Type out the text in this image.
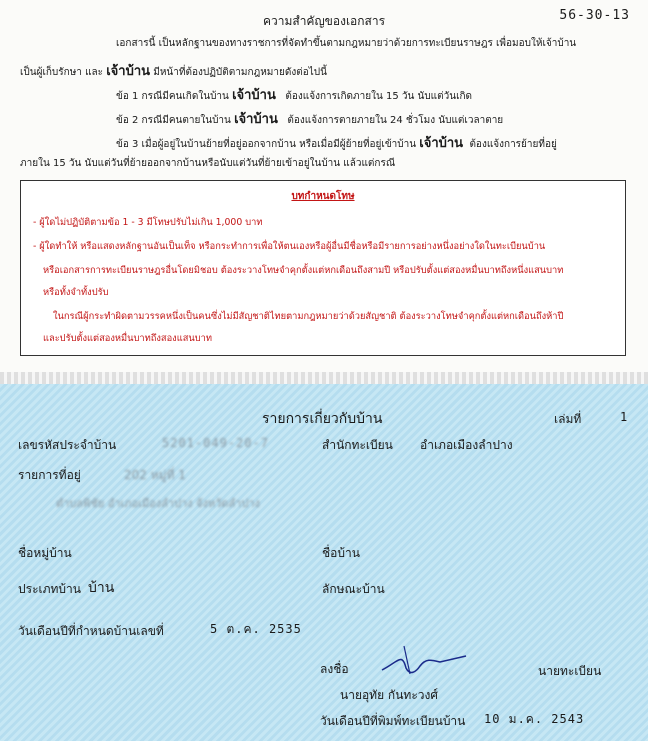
56-30-13
ความสำคัญของเอกสาร
เอกสารนี้ เป็นหลักฐานของทางราชการที่จัดทำขึ้นตามกฎหมายว่าด้วยการทะเบียนราษฎร เพื่อมอบให้เจ้าบ้าน
เป็นผู้เก็บรักษา และ เจ้าบ้าน มีหน้าที่ต้องปฏิบัติตามกฎหมายดังต่อไปนี้
ข้อ 1 กรณีมีคนเกิดในบ้าน เจ้าบ้าน ต้องแจ้งการเกิดภายใน 15 วัน นับแต่วันเกิด
ข้อ 2 กรณีมีคนตายในบ้าน เจ้าบ้าน ต้องแจ้งการตายภายใน 24 ชั่วโมง นับแต่เวลาตาย
ข้อ 3 เมื่อผู้อยู่ในบ้านย้ายที่อยู่ออกจากบ้าน หรือเมื่อมีผู้ย้ายที่อยู่เข้าบ้าน เจ้าบ้าน ต้องแจ้งการย้ายที่อยู่
ภายใน 15 วัน นับแต่วันที่ย้ายออกจากบ้านหรือนับแต่วันที่ย้ายเข้าอยู่ในบ้าน แล้วแต่กรณี
บทกำหนดโทษ
- ผู้ใดไม่ปฏิบัติตามข้อ 1 - 3 มีโทษปรับไม่เกิน 1,000 บาท
- ผู้ใดทำให้ หรือแสดงหลักฐานอันเป็นเท็จ หรือกระทำการเพื่อให้ตนเองหรือผู้อื่นมีชื่อหรือมีรายการอย่างหนึ่งอย่างใดในทะเบียนบ้าน
หรือเอกสารการทะเบียนราษฎรอื่นโดยมิชอบ ต้องระวางโทษจำคุกตั้งแต่หกเดือนถึงสามปี หรือปรับตั้งแต่สองหมื่นบาทถึงหนึ่งแสนบาท
หรือทั้งจำทั้งปรับ
ในกรณีผู้กระทำผิดตามวรรคหนึ่งเป็นคนซึ่งไม่มีสัญชาติไทยตามกฎหมายว่าด้วยสัญชาติ ต้องระวางโทษจำคุกตั้งแต่หกเดือนถึงห้าปี
และปรับตั้งแต่สองหมื่นบาทถึงสองแสนบาท
รายการเกี่ยวกับบ้าน	เล่มที่	1
เลขรหัสประจำบ้าน	5201-049-20-7	สำนักทะเบียน อำเภอเมืองลำปาง
รายการที่อยู่	202 หมู่ที่ 1
ตำบลพิชัย อำเภอเมืองลำปาง จังหวัดลำปาง
ชื่อหมู่บ้าน	ชื่อบ้าน
ประเภทบ้าน บ้าน	ลักษณะบ้าน
วันเดือนปีที่กำหนดบ้านเลขที่	5 ต.ค. 2535
ลงชื่อ	นายทะเบียน
นายอุทัย กันทะวงศ์
วันเดือนปีที่พิมพ์ทะเบียนบ้าน 10 ม.ค. 2543
